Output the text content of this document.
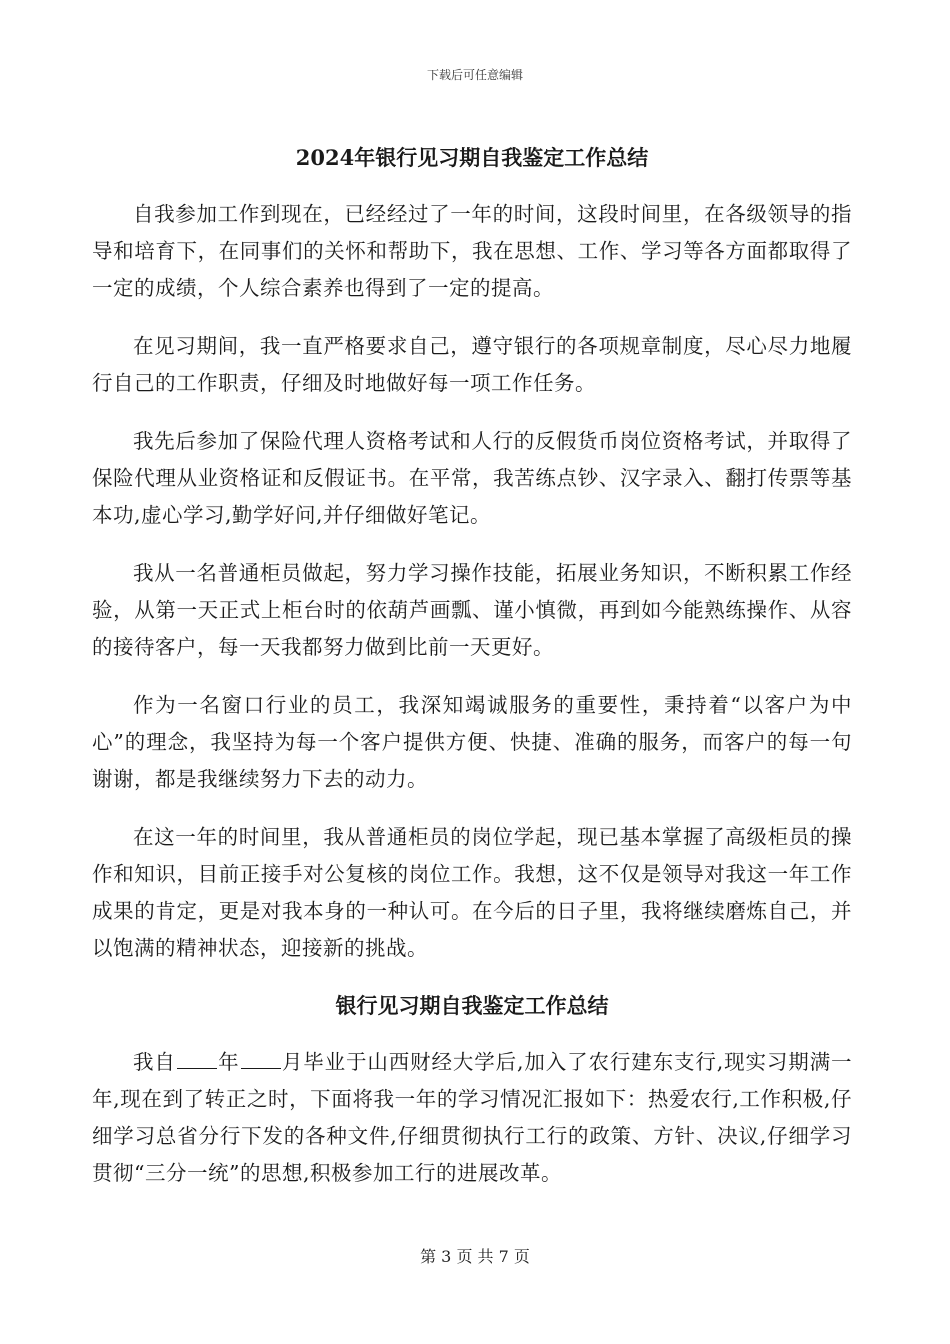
下载后可任意编辑
2024年银行见习期自我鉴定工作总结

自我参加工作到现在，已经经过了一年的时间，这段时间里，在各级领导的指导和培育下，在同事们的关怀和帮助下，我在思想、工作、学习等各方面都取得了一定的成绩，个人综合素养也得到了一定的提高。

在见习期间，我一直严格要求自己，遵守银行的各项规章制度，尽心尽力地履行自己的工作职责，仔细及时地做好每一项工作任务。

我先后参加了保险代理人资格考试和人行的反假货币岗位资格考试，并取得了保险代理从业资格证和反假证书。在平常，我苦练点钞、汉字录入、翻打传票等基本功,虚心学习,勤学好问,并仔细做好笔记。

我从一名普通柜员做起，努力学习操作技能，拓展业务知识，不断积累工作经验，从第一天正式上柜台时的依葫芦画瓢、谨小慎微，再到如今能熟练操作、从容的接待客户，每一天我都努力做到比前一天更好。

作为一名窗口行业的员工，我深知竭诚服务的重要性，秉持着“以客户为中心”的理念，我坚持为每一个客户提供方便、快捷、准确的服务，而客户的每一句谢谢，都是我继续努力下去的动力。

在这一年的时间里，我从普通柜员的岗位学起，现已基本掌握了高级柜员的操作和知识，目前正接手对公复核的岗位工作。我想，这不仅是领导对我这一年工作成果的肯定，更是对我本身的一种认可。在今后的日子里，我将继续磨炼自己，并以饱满的精神状态，迎接新的挑战。

银行见习期自我鉴定工作总结

我自 年 月毕业于山西财经大学后,加入了农行建东支行,现实习期满一年,现在到了转正之时，下面将我一年的学习情况汇报如下：热爱农行,工作积极,仔细学习总省分行下发的各种文件,仔细贯彻执行工行的政策、方针、决议,仔细学习贯彻“三分一统”的思想,积极参加工行的进展改革。

第 3 页 共 7 页
